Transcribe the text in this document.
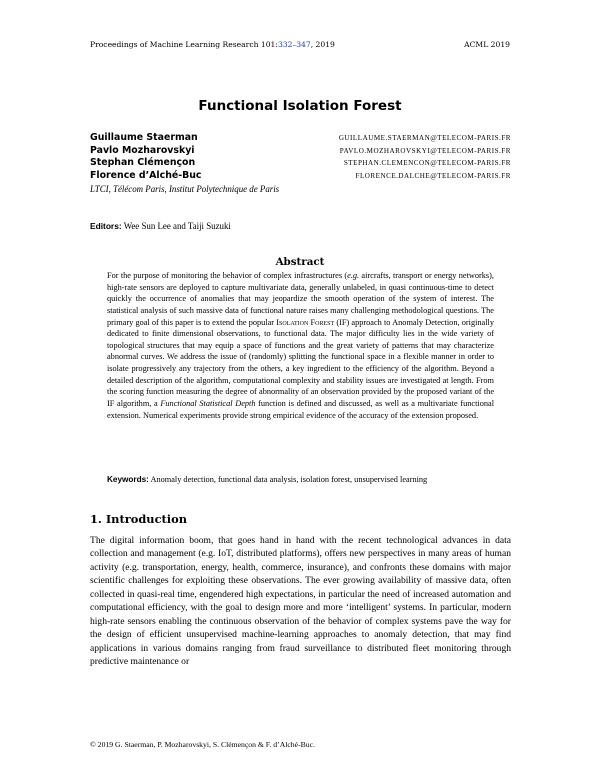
Proceedings of Machine Learning Research 101:332–347, 2019	ACML 2019
Functional Isolation Forest
Guillaume Staerman	GUILLAUME.STAERMAN@TELECOM-PARIS.FR
Pavlo Mozharovskyi	PAVLO.MOZHAROVSKYI@TELECOM-PARIS.FR
Stephan Clémençon	STEPHAN.CLEMENCON@TELECOM-PARIS.FR
Florence d’Alché-Buc	FLORENCE.DALCHE@TELECOM-PARIS.FR
LTCI, Télécom Paris, Institut Polytechnique de Paris
Editors: Wee Sun Lee and Taiji Suzuki
Abstract
For the purpose of monitoring the behavior of complex infrastructures (e.g. aircrafts, transport or energy networks), high-rate sensors are deployed to capture multivariate data, generally unlabeled, in quasi continuous-time to detect quickly the occurrence of anomalies that may jeopardize the smooth operation of the system of interest. The statistical analysis of such massive data of functional nature raises many challenging methodological questions. The primary goal of this paper is to extend the popular Isolation Forest (IF) approach to Anomaly Detection, originally dedicated to finite dimensional observations, to functional data. The major difficulty lies in the wide variety of topological structures that may equip a space of functions and the great variety of patterns that may characterize abnormal curves. We address the issue of (randomly) splitting the functional space in a flexible manner in order to isolate progressively any trajectory from the others, a key ingredient to the efficiency of the algorithm. Beyond a detailed description of the algorithm, computational complexity and stability issues are investigated at length. From the scoring function measuring the degree of abnormality of an observation provided by the proposed variant of the IF algorithm, a Functional Statistical Depth function is defined and discussed, as well as a multivariate functional extension. Numerical experiments provide strong empirical evidence of the accuracy of the extension proposed.
Keywords: Anomaly detection, functional data analysis, isolation forest, unsupervised learning
1. Introduction
The digital information boom, that goes hand in hand with the recent technological advances in data collection and management (e.g. IoT, distributed platforms), offers new perspectives in many areas of human activity (e.g. transportation, energy, health, commerce, insurance), and confronts these domains with major scientific challenges for exploiting these observations. The ever growing availability of massive data, often collected in quasi-real time, engendered high expectations, in particular the need of increased automation and computational efficiency, with the goal to design more and more ‘intelligent’ systems. In particular, modern high-rate sensors enabling the continuous observation of the behavior of complex systems pave the way for the design of efficient unsupervised machine-learning approaches to anomaly detection, that may find applications in various domains ranging from fraud surveillance to distributed fleet monitoring through predictive maintenance or
© 2019 G. Staerman, P. Mozharovskyi, S. Clémençon & F. d’Alché-Buc.
